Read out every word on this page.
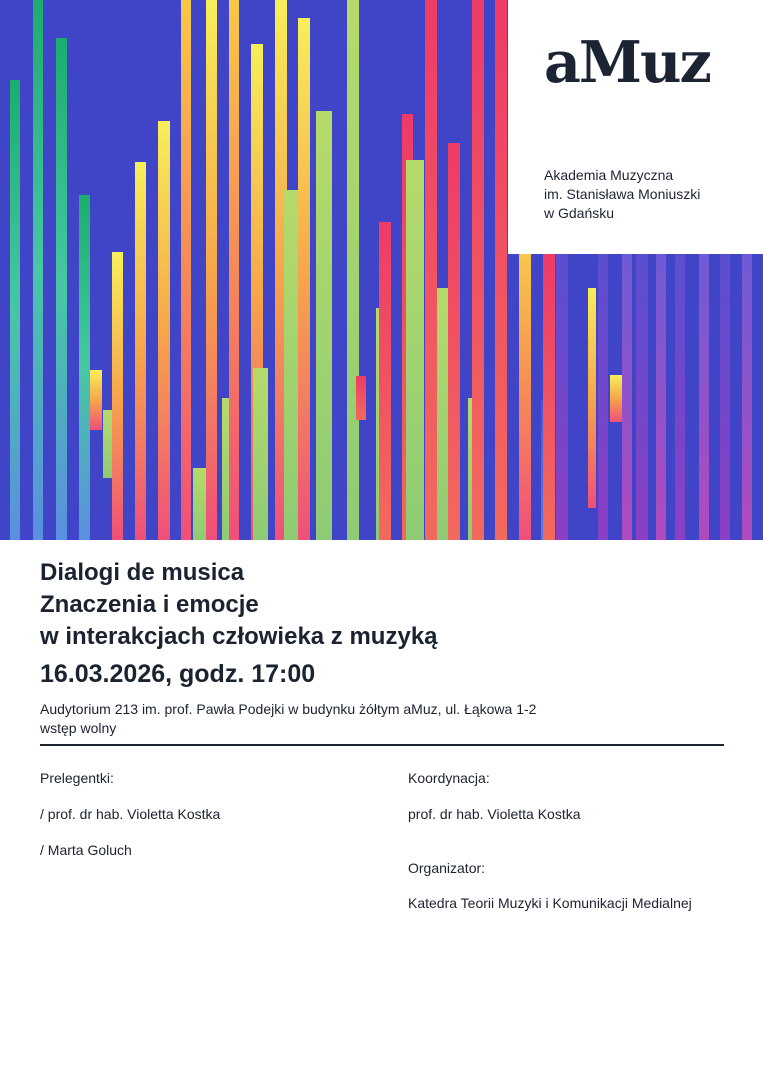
aMuz
Akademia Muzyczna
im. Stanisława Moniuszki
w Gdańsku
Dialogi de musica
Znaczenia i emocje
w interakcjach człowieka z muzyką
16.03.2026, godz. 17:00
Audytorium 213 im. prof. Pawła Podejki w budynku żółtym aMuz, ul. Łąkowa 1-2
wstęp wolny
Prelegentki:
/ prof. dr hab. Violetta Kostka
/ Marta Goluch
Koordynacja:
prof. dr hab. Violetta Kostka
Organizator:
Katedra Teorii Muzyki i Komunikacji Medialnej
